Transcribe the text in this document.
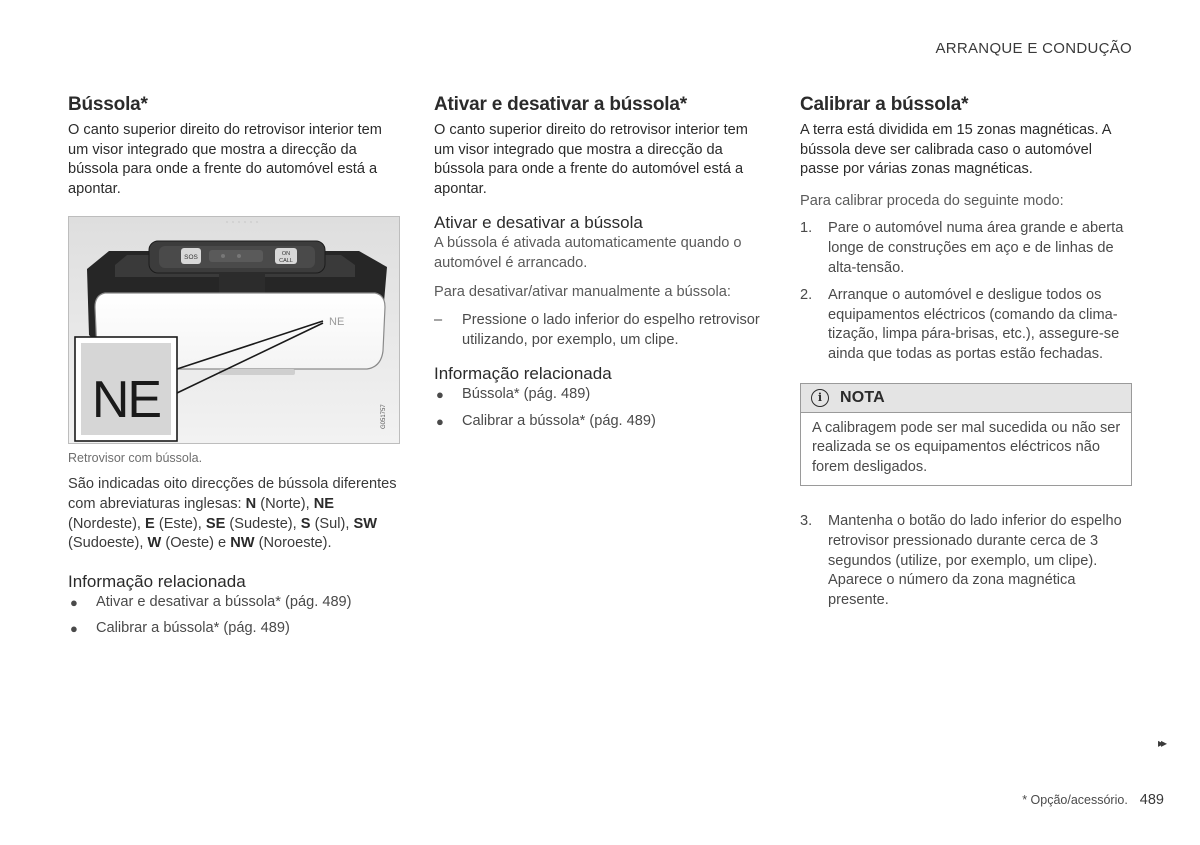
ARRANQUE E CONDUÇÃO
Bússola*

O canto superior direito do retrovisor interior tem um visor integrado que mostra a direcção da bússola para onde a frente do automóvel está a apontar.

SOS	ON
CALL
NE
NE	G051757
Retrovisor com bússola.

São indicadas oito direcções de bússola diferentes com abreviaturas inglesas: N (Norte), NE (Nordeste), E (Este), SE (Sudeste), S (Sul), SW (Sudoeste), W (Oeste) e NW (Noroeste).

Informação relacionada
● Ativar e desativar a bússola* (pág. 489)
● Calibrar a bússola* (pág. 489)
Ativar e desativar a bússola*

O canto superior direito do retrovisor interior tem um visor integrado que mostra a direcção da bússola para onde a frente do automóvel está a apontar.

Ativar e desativar a bússola

A bússola é ativada automaticamente quando o automóvel é arrancado.

Para desativar/ativar manualmente a bússola:

– Pressione o lado inferior do espelho retrovisor utilizando, por exemplo, um clipe.
Informação relacionada
● Bússola* (pág. 489)
● Calibrar a bússola* (pág. 489)
Calibrar a bússola*

A terra está dividida em 15 zonas magnéticas. A bússola deve ser calibrada caso o automóvel passe por várias zonas magnéticas.

Para calibrar proceda do seguinte modo:

1. Pare o automóvel numa área grande e aberta longe de construções em aço e de linhas de alta-tensão.
2. Arranque o automóvel e desligue todos os equipamentos eléctricos (comando da climatização, limpa pára-brisas, etc.), assegure-se ainda que todas as portas estão fechadas.
i	NOTA
A calibragem pode ser mal sucedida ou não ser realizada se os equipamentos eléctricos não forem desligados.
3. Mantenha o botão do lado inferior do espelho retrovisor pressionado durante cerca de 3 segundos (utilize, por exemplo, um clipe). Aparece o número da zona magnética presente.
▸▸
* Opção/acessório. 489
